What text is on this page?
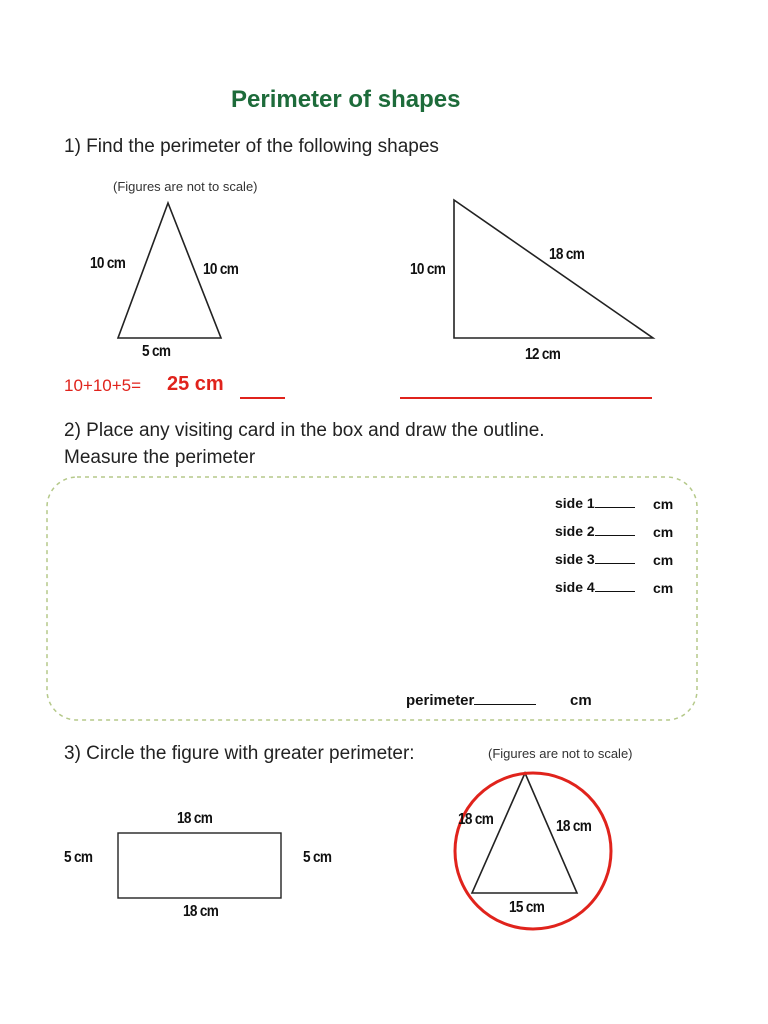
Perimeter of shapes
1) Find the perimeter of the following shapes
(Figures are not to scale)
10 cm	10 cm
5 cm
10 cm
18 cm
12 cm
10+10+5= 25 cm
2) Place any visiting card in the box and draw the outline.
Measure the perimeter
side 1	cm
side 2	cm
side 3	cm
side 4	cm
perimeter	cm
3) Circle the figure with greater perimeter:	(Figures are not to scale)
18 cm
18 cm
5 cm	5 cm
18 cm	18 cm
15 cm
